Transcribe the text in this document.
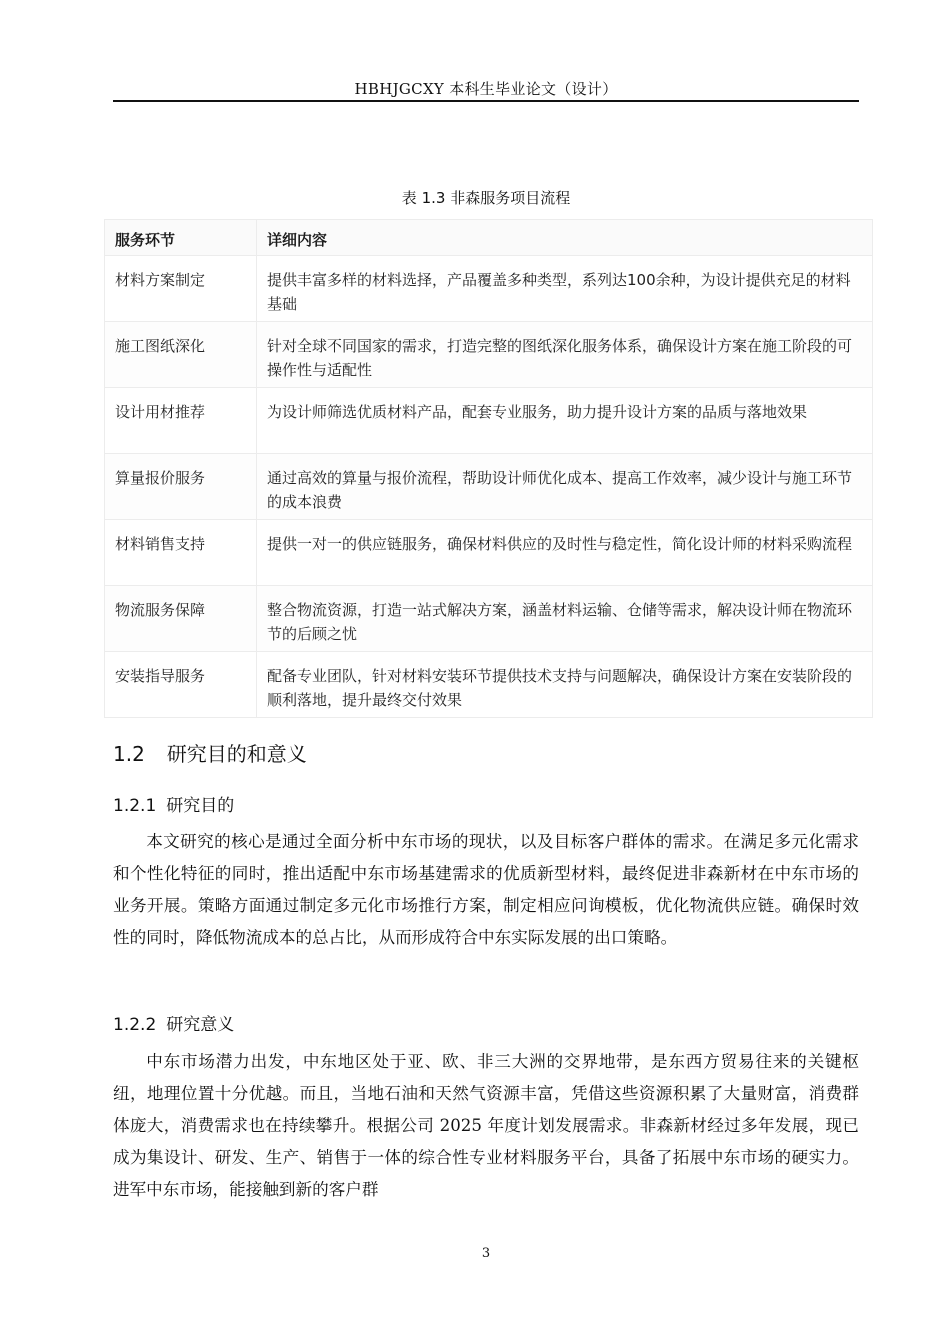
HBHJGCXY 本科生毕业论文（设计）
表 1.3 非森服务项目流程
服务环节	详细内容
材料方案制定	提供丰富多样的材料选择，产品覆盖多种类型，系列达100余种，为设计提供充足的材料基础
施工图纸深化	针对全球不同国家的需求，打造完整的图纸深化服务体系，确保设计方案在施工阶段的可操作性与适配性
设计用材推荐	为设计师筛选优质材料产品，配套专业服务，助力提升设计方案的品质与落地效果
算量报价服务	通过高效的算量与报价流程，帮助设计师优化成本、提高工作效率，减少设计与施工环节的成本浪费
材料销售支持	提供一对一的供应链服务，确保材料供应的及时性与稳定性，简化设计师的材料采购流程
物流服务保障	整合物流资源，打造一站式解决方案，涵盖材料运输、仓储等需求，解决设计师在物流环节的后顾之忧
安装指导服务	配备专业团队，针对材料安装环节提供技术支持与问题解决，确保设计方案在安装阶段的顺利落地，提升最终交付效果
1.2 研究目的和意义
1.2.1 研究目的

本文研究的核心是通过全面分析中东市场的现状，以及目标客户群体的需求。在满足多元化需求和个性化特征的同时，推出适配中东市场基建需求的优质新型材料，最终促进非森新材在中东市场的业务开展。策略方面通过制定多元化市场推行方案，制定相应问询模板，优化物流供应链。确保时效性的同时，降低物流成本的总占比，从而形成符合中东实际发展的出口策略。

1.2.2 研究意义

中东市场潜力出发，中东地区处于亚、欧、非三大洲的交界地带，是东西方贸易往来的关键枢纽，地理位置十分优越。而且，当地石油和天然气资源丰富，凭借这些资源积累了大量财富，消费群体庞大，消费需求也在持续攀升。根据公司 2025 年度计划发展需求。非森新材经过多年发展，现已成为集设计、研发、生产、销售于一体的综合性专业材料服务平台，具备了拓展中东市场的硬实力。进军中东市场，能接触到新的客户群

3
